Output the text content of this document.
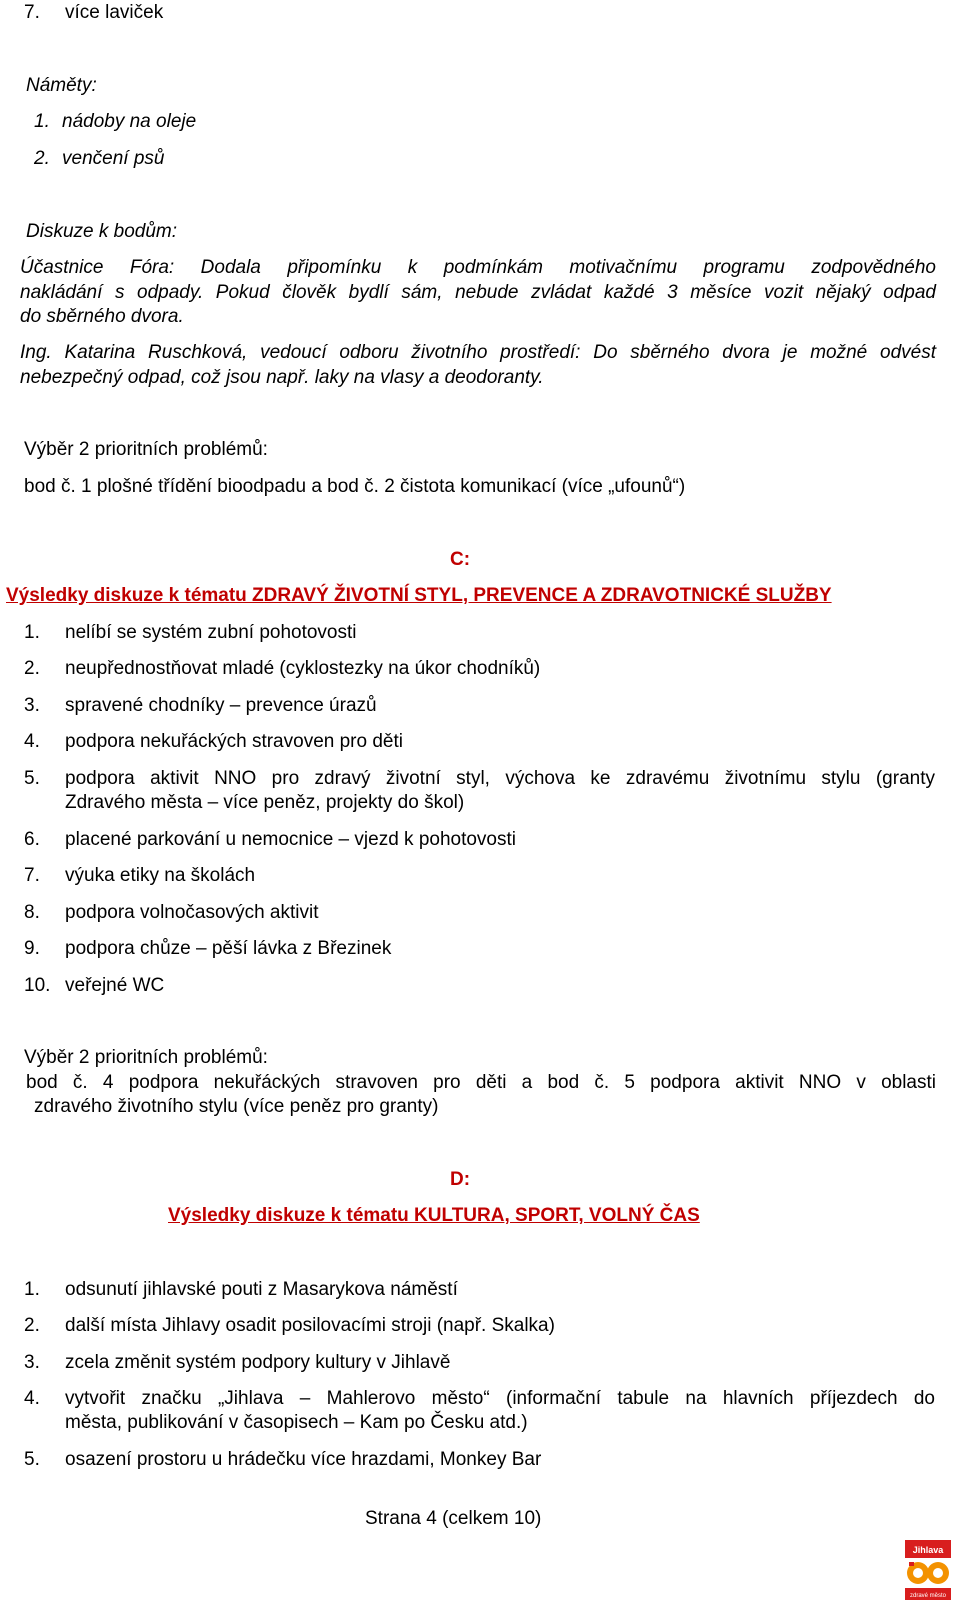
7. více laviček
Náměty:
1. nádoby na oleje
2. venčení psů
Diskuze k bodům:
Účastnice Fóra: Dodala připomínku k podmínkám motivačnímu programu zodpovědného
nakládání s odpady. Pokud člověk bydlí sám, nebude zvládat každé 3 měsíce vozit nějaký odpad
do sběrného dvora.
Ing. Katarina Ruschková, vedoucí odboru životního prostředí: Do sběrného dvora je možné odvést
nebezpečný odpad, což jsou např. laky na vlasy a deodoranty.
Výběr 2 prioritních problémů:
bod č. 1 plošné třídění bioodpadu a bod č. 2 čistota komunikací (více „ufounů“)
C:
Výsledky diskuze k tématu ZDRAVÝ ŽIVOTNÍ STYL, PREVENCE A ZDRAVOTNICKÉ SLUŽBY
1. nelíbí se systém zubní pohotovosti
2. neupřednostňovat mladé (cyklostezky na úkor chodníků)
3. spravené chodníky – prevence úrazů
4. podpora nekuřáckých stravoven pro děti
5. podpora aktivit NNO pro zdravý životní styl, výchova ke zdravému životnímu stylu (granty
Zdravého města – více peněz, projekty do škol)
6. placené parkování u nemocnice – vjezd k pohotovosti
7. výuka etiky na školách
8. podpora volnočasových aktivit
9. podpora chůze – pěší lávka z Březinek
10. veřejné WC
Výběr 2 prioritních problémů:
bod č. 4 podpora nekuřáckých stravoven pro děti a bod č. 5 podpora aktivit NNO v oblasti
zdravého životního stylu (více peněz pro granty)
D:
Výsledky diskuze k tématu KULTURA, SPORT, VOLNÝ ČAS
1. odsunutí jihlavské pouti z Masarykova náměstí
2. další místa Jihlavy osadit posilovacími stroji (např. Skalka)
3. zcela změnit systém podpory kultury v Jihlavě
4. vytvořit značku „Jihlava – Mahlerovo město“ (informační tabule na hlavních příjezdech do
města, publikování v časopisech – Kam po Česku atd.)
5. osazení prostoru u hrádečku více hrazdami, Monkey Bar
Strana 4 (celkem 10)
Jihlava
zdravé město
